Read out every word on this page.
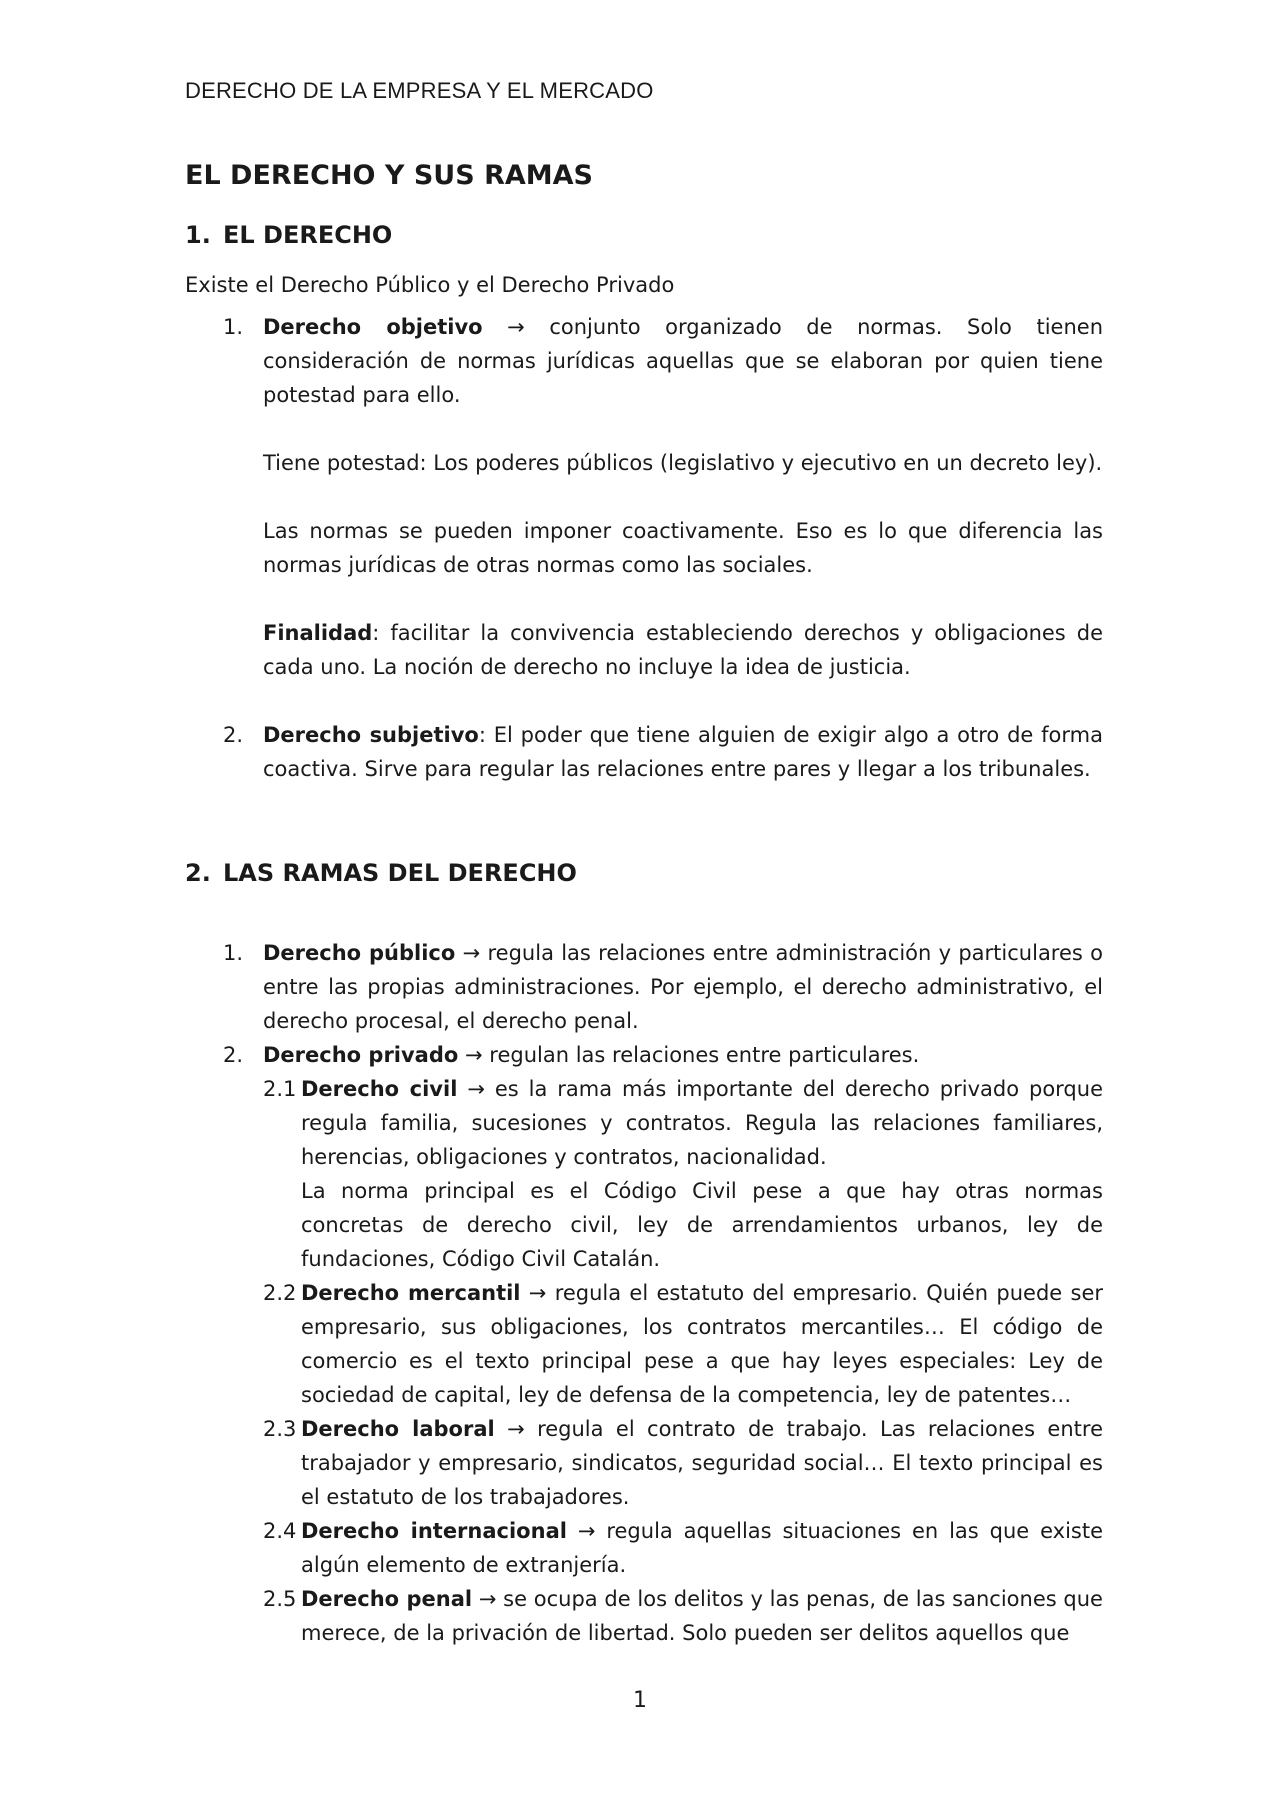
DERECHO DE LA EMPRESA Y EL MERCADO
EL DERECHO Y SUS RAMAS
1. EL DERECHO
Existe el Derecho Público y el Derecho Privado
1. Derecho objetivo → conjunto organizado de normas. Solo tienen consideración de normas jurídicas aquellas que se elaboran por quien tiene potestad para ello.
Tiene potestad: Los poderes públicos (legislativo y ejecutivo en un decreto ley).
Las normas se pueden imponer coactivamente. Eso es lo que diferencia las normas jurídicas de otras normas como las sociales.
Finalidad: facilitar la convivencia estableciendo derechos y obligaciones de cada uno. La noción de derecho no incluye la idea de justicia.
2. Derecho subjetivo: El poder que tiene alguien de exigir algo a otro de forma coactiva. Sirve para regular las relaciones entre pares y llegar a los tribunales.
2. LAS RAMAS DEL DERECHO
1. Derecho público → regula las relaciones entre administración y particulares o entre las propias administraciones. Por ejemplo, el derecho administrativo, el derecho procesal, el derecho penal.
2. Derecho privado → regulan las relaciones entre particulares.
2.1 Derecho civil → es la rama más importante del derecho privado porque regula familia, sucesiones y contratos. Regula las relaciones familiares, herencias, obligaciones y contratos, nacionalidad.
La norma principal es el Código Civil pese a que hay otras normas concretas de derecho civil, ley de arrendamientos urbanos, ley de fundaciones, Código Civil Catalán.
2.2 Derecho mercantil → regula el estatuto del empresario. Quién puede ser empresario, sus obligaciones, los contratos mercantiles… El código de comercio es el texto principal pese a que hay leyes especiales: Ley de sociedad de capital, ley de defensa de la competencia, ley de patentes…
2.3 Derecho laboral → regula el contrato de trabajo. Las relaciones entre trabajador y empresario, sindicatos, seguridad social… El texto principal es el estatuto de los trabajadores.
2.4 Derecho internacional → regula aquellas situaciones en las que existe algún elemento de extranjería.
2.5 Derecho penal → se ocupa de los delitos y las penas, de las sanciones que merece, de la privación de libertad. Solo pueden ser delitos aquellos que
1
